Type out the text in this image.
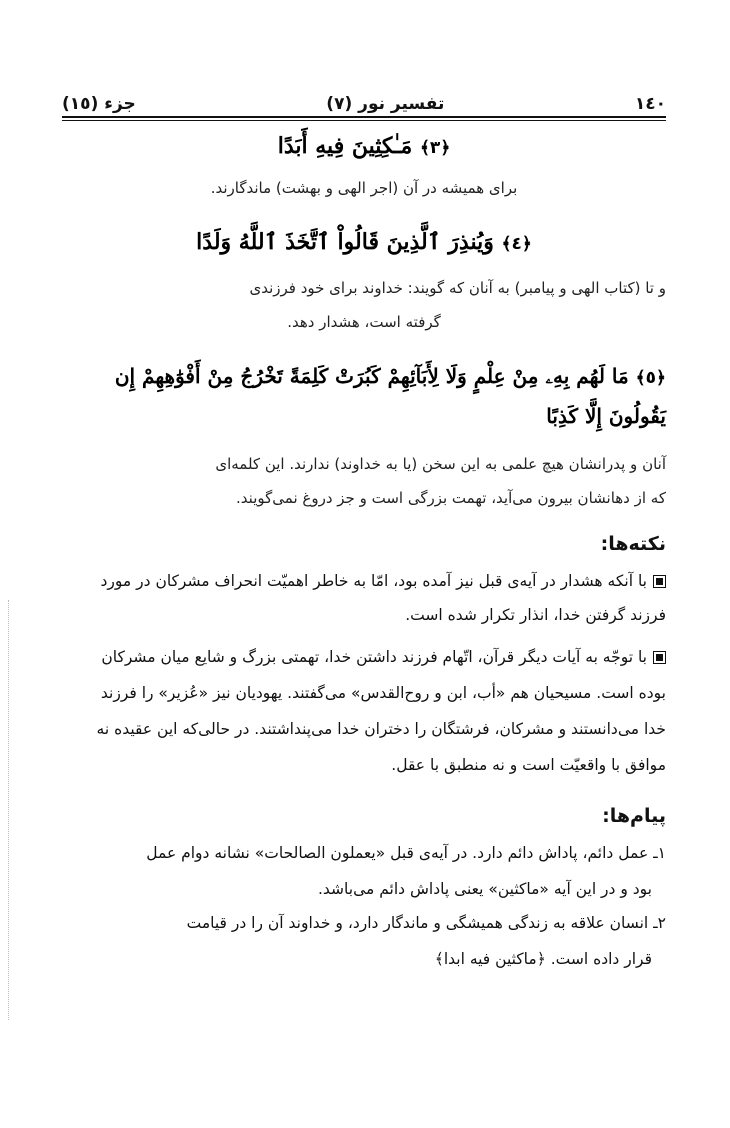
١٤٠
تفسیر نور (٧)
جزء (١٥)
﴿٣﴾ مَـٰكِثِينَ فِيهِ أَبَدًا
برای همیشه در آن (اجر الهی و بهشت) ماندگارند.
﴿٤﴾ وَيُنذِرَ ٱلَّذِينَ قَالُواْ ٱتَّخَذَ ٱللَّهُ وَلَدًا
و تا (کتاب الهی و پیامبر) به آنان که گویند: خداوند برای خود فرزندی
گرفته است، هشدار دهد.
﴿٥﴾ مَا لَهُم بِهِۦ مِنْ عِلْمٍ وَلَا لِأَبَآئِهِمْ كَبُرَتْ كَلِمَةً تَخْرُجُ مِنْ أَفْوَٰهِهِمْ إِن
يَقُولُونَ إِلَّا كَذِبًا
آنان و پدرانشان هیچ علمی به این سخن (یا به خداوند) ندارند. این کلمه‌ای
که از دهانشان بیرون می‌آید، تهمت بزرگی است و جز دروغ نمی‌گویند.
نکته‌ها:
با آنکه هشدار در آیه‌ی قبل نیز آمده بود، امّا به خاطر اهمیّت انحراف مشرکان در مورد
فرزند گرفتن خدا، انذار تکرار شده است.
با توجّه به آیات دیگر قرآن، اتّهام فرزند داشتن خدا، تهمتی بزرگ و شایع میان مشرکان
بوده است. مسیحیان هم «أب، ابن و روح‌القدس» می‌گفتند. یهودیان نیز «عُزیر» را فرزند
خدا می‌دانستند و مشرکان، فرشتگان را دختران خدا می‌پنداشتند. در حالی‌که این عقیده نه
موافق با واقعیّت است و نه منطبق با عقل.
پیام‌ها:
۱ـ عمل دائم، پاداش دائم دارد. در آیه‌ی قبل «یعملون الصالحات» نشانه دوام عمل
بود و در این آیه «ماکثین» یعنی پاداش دائم می‌باشد.
۲ـ انسان علاقه به زندگی همیشگی و ماندگار دارد، و خداوند آن را در قیامت
قرار داده است. ﴿ماکثین فیه ابدا﴾
